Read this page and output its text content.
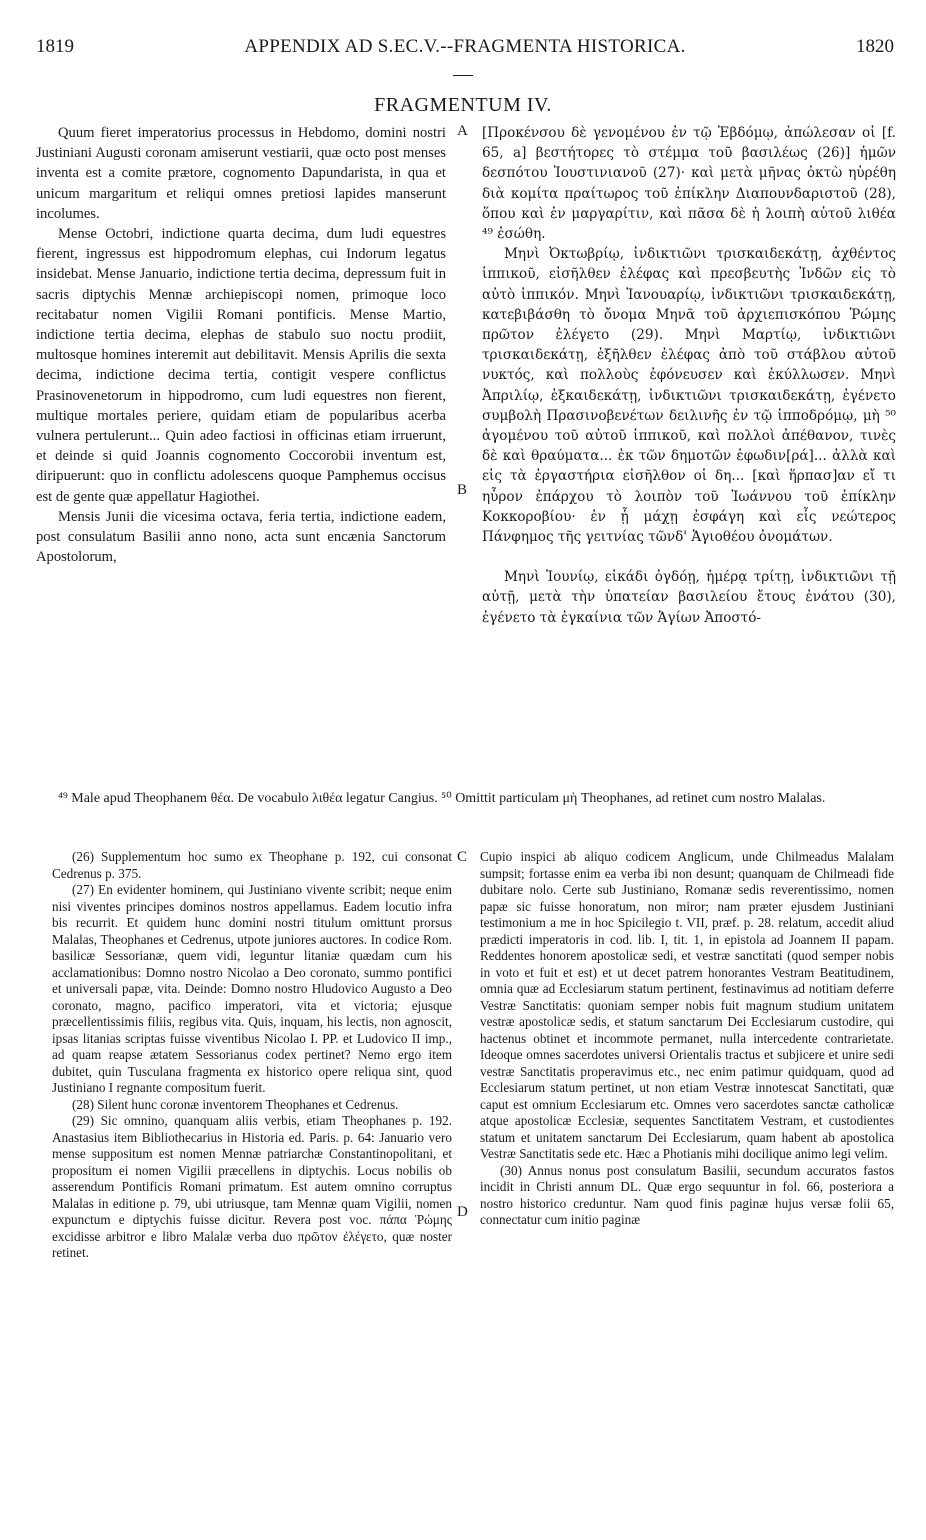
1819	APPENDIX AD S.EC.V.--FRAGMENTA HISTORICA.	1820
FRAGMENTUM IV.
A
B
C
D

Quum fieret imperatorius processus in Hebdomo, domini nostri Justiniani Augusti coronam amiserunt vestiarii, quæ octo post menses inventa est a comite prætore, cognomento Dapundarista, in qua et unicum margaritum et reliqui omnes pretiosi lapides manserunt incolumes.

Mense Octobri, indictione quarta decima, dum ludi equestres fierent, ingressus est hippodromum elephas, cui Indorum legatus insidebat. Mense Januario, indictione tertia decima, depressum fuit in sacris diptychis Mennæ archiepiscopi nomen, primoque loco recitabatur nomen Vigilii Romani pontificis. Mense Martio, indictione tertia decima, elephas de stabulo suo noctu prodiit, multosque homines interemit aut debilitavit. Mensis Aprilis die sexta decima, indictione decima tertia, contigit vespere conflictus Prasinovenetorum in hippodromo, cum ludi equestres non fierent, multique mortales periere, quidam etiam de popularibus acerba vulnera pertulerunt... Quin adeo factiosi in officinas etiam irruerunt, et deinde si quid Joannis cognomento Coccorobii inventum est, diripuerunt: quo in conflictu adolescens quoque Pamphemus occisus est de gente quæ appellatur Hagiothei.

Mensis Junii die vicesima octava, feria tertia, indictione eadem, post consulatum Basilii anno nono, acta sunt encænia Sanctorum Apostolorum,

[Προκένσου δὲ γενομένου ἐν τῷ Ἑβδόμῳ, ἀπώλεσαν οἱ [f. 65, a] βεστήτορες τὸ στέμμα τοῦ βασιλέως (26)] ἡμῶν δεσπότου Ἰουστινιανοῦ (27)· καὶ μετὰ μῆνας ὀκτὼ ηὑρέθη διὰ κομίτα πραίτωρος τοῦ ἐπίκλην Διαπουνδαριστοῦ (28), ὅπου καὶ ἐν μαργαρίτιν, καὶ πᾶσα δὲ ἡ λοιπὴ αὐτοῦ λιθέα ⁴⁹ ἐσώθη.

Μηνὶ Ὀκτωβρίῳ, ἰνδικτιῶνι τρισκαιδεκάτῃ, ἀχθέντος ἱππικοῦ, εἰσῆλθεν ἐλέφας καὶ πρεσβευτὴς Ἰνδῶν εἰς τὸ αὐτὸ ἱππικόν. Μηνὶ Ἰανουαρίῳ, ἰνδικτιῶνι τρισκαιδεκάτῃ, κατεβιβάσθη τὸ ὄνομα Μηνᾶ τοῦ ἀρχιεπισκόπου Ῥώμης πρῶτον ἐλέγετο (29). Μηνὶ Μαρτίῳ, ἰνδικτιῶνι τρισκαιδεκάτῃ, ἐξῆλθεν ἐλέφας ἀπὸ τοῦ στάβλου αὐτοῦ νυκτός, καὶ πολλοὺς ἐφόνευσεν καὶ ἐκύλλωσεν. Μηνὶ Ἀπριλίῳ, ἑξκαιδεκάτῃ, ἰνδικτιῶνι τρισκαιδεκάτῃ, ἐγένετο συμβολὴ Πρασινοβενέτων δειλινῆς ἐν τῷ ἱπποδρόμῳ, μὴ ⁵⁰ ἀγομένου τοῦ αὐτοῦ ἱππικοῦ, καὶ πολλοὶ ἀπέθανον, τινὲς δὲ καὶ θραύματα... ἐκ τῶν δημοτῶν ἐφωδιν[ρά]... ἀλλὰ καὶ εἰς τὰ ἐργαστήρια εἰσῆλθον οἱ δη... [καὶ ἥρπασ]αν εἴ τι ηὗρον ἐπάρχου τὸ λοιπὸν τοῦ Ἰωάννου τοῦ ἐπίκλην Κοκκοροβίου· ἐν ᾗ μάχῃ ἐσφάγη καὶ εἷς νεώτερος Πάνφημος τῆς γειτνίας τῶνδ' Ἁγιοθέου ὀνομάτων.

Μηνὶ Ἰουνίῳ, εἰκάδι ὀγδόῃ, ἡμέρᾳ τρίτῃ, ἰνδικτιῶνι τῇ αὐτῇ, μετὰ τὴν ὑπατείαν βασιλείου ἔτους ἐνάτου (30), ἐγένετο τὰ ἐγκαίνια τῶν Ἁγίων Ἀποστό-

⁴⁹ Male apud Theophanem θέα. De vocabulo λιθέα legatur Cangius. ⁵⁰ Omittit particulam μὴ Theophanes, ad retinet cum nostro Malalas.

(26) Supplementum hoc sumo ex Theophane p. 192, cui consonat Cedrenus p. 375.

(27) En evidenter hominem, qui Justiniano vivente scribit; neque enim nisi viventes principes dominos nostros appellamus. Eadem locutio infra bis recurrit. Et quidem hunc domini nostri titulum omittunt prorsus Malalas, Theophanes et Cedrenus, utpote juniores auctores. In codice Rom. basilicæ Sessorianæ, quem vidi, leguntur litaniæ quædam cum his acclamationibus: Domno nostro Nicolao a Deo coronato, summo pontifici et universali papæ, vita. Deinde: Domno nostro Hludovico Augusto a Deo coronato, magno, pacifico imperatori, vita et victoria; ejusque præcellentissimis filiis, regibus vita. Quis, inquam, his lectis, non agnoscit, ipsas litanias scriptas fuisse viventibus Nicolao I. PP. et Ludovico II imp., ad quam reapse ætatem Sessorianus codex pertinet? Nemo ergo item dubitet, quin Tusculana fragmenta ex historico opere reliqua sint, quod Justiniano I regnante compositum fuerit.

(28) Silent hunc coronæ inventorem Theophanes et Cedrenus.

(29) Sic omnino, quanquam aliis verbis, etiam Theophanes p. 192. Anastasius item Bibliothecarius in Historia ed. Paris. p. 64: Januario vero mense suppositum est nomen Mennæ patriarchæ Constantinopolitani, et propositum ei nomen Vigilii præcellens in diptychis. Locus nobilis ob asserendum Pontificis Romani primatum. Est autem omnino corruptus Malalas in editione p. 79, ubi utriusque, tam Mennæ quam Vigilii, nomen expunctum e diptychis fuisse dicitur. Revera post voc. πάπα Ῥώμης excidisse arbitror e libro Malalæ verba duo πρῶτον ἐλέγετο, quæ noster retinet.

Cupio inspici ab aliquo codicem Anglicum, unde Chilmeadus Malalam sumpsit; fortasse enim ea verba ibi non desunt; quanquam de Chilmeadi fide dubitare nolo. Certe sub Justiniano, Romanæ sedis reverentissimo, nomen papæ sic fuisse honoratum, non miror; nam præter ejusdem Justiniani testimonium a me in hoc Spicilegio t. VII, præf. p. 28. relatum, accedit aliud prædicti imperatoris in cod. lib. I, tit. 1, in epistola ad Joannem II papam. Reddentes honorem apostolicæ sedi, et vestræ sanctitati (quod semper nobis in voto et fuit et est) et ut decet patrem honorantes Vestram Beatitudinem, omnia quæ ad Ecclesiarum statum pertinent, festinavimus ad notitiam deferre Vestræ Sanctitatis: quoniam semper nobis fuit magnum studium unitatem vestræ apostolicæ sedis, et statum sanctarum Dei Ecclesiarum custodire, qui hactenus obtinet et incommote permanet, nulla intercedente contrarietate. Ideoque omnes sacerdotes universi Orientalis tractus et subjicere et unire sedi vestræ Sanctitatis properavimus etc., nec enim patimur quidquam, quod ad Ecclesiarum statum pertinet, ut non etiam Vestræ innotescat Sanctitati, quæ caput est omnium Ecclesiarum etc. Omnes vero sacerdotes sanctæ catholicæ atque apostolicæ Ecclesiæ, sequentes Sanctitatem Vestram, et custodientes statum et unitatem sanctarum Dei Ecclesiarum, quam habent ab apostolica Vestræ Sanctitatis sede etc. Hæc a Photianis mihi docilique animo legi velim.

(30) Annus nonus post consulatum Basilii, secundum accuratos fastos incidit in Christi annum DL. Quæ ergo sequuntur in fol. 66, posteriora a nostro historico creduntur. Nam quod finis paginæ hujus versæ folii 65, connectatur cum initio paginæ
